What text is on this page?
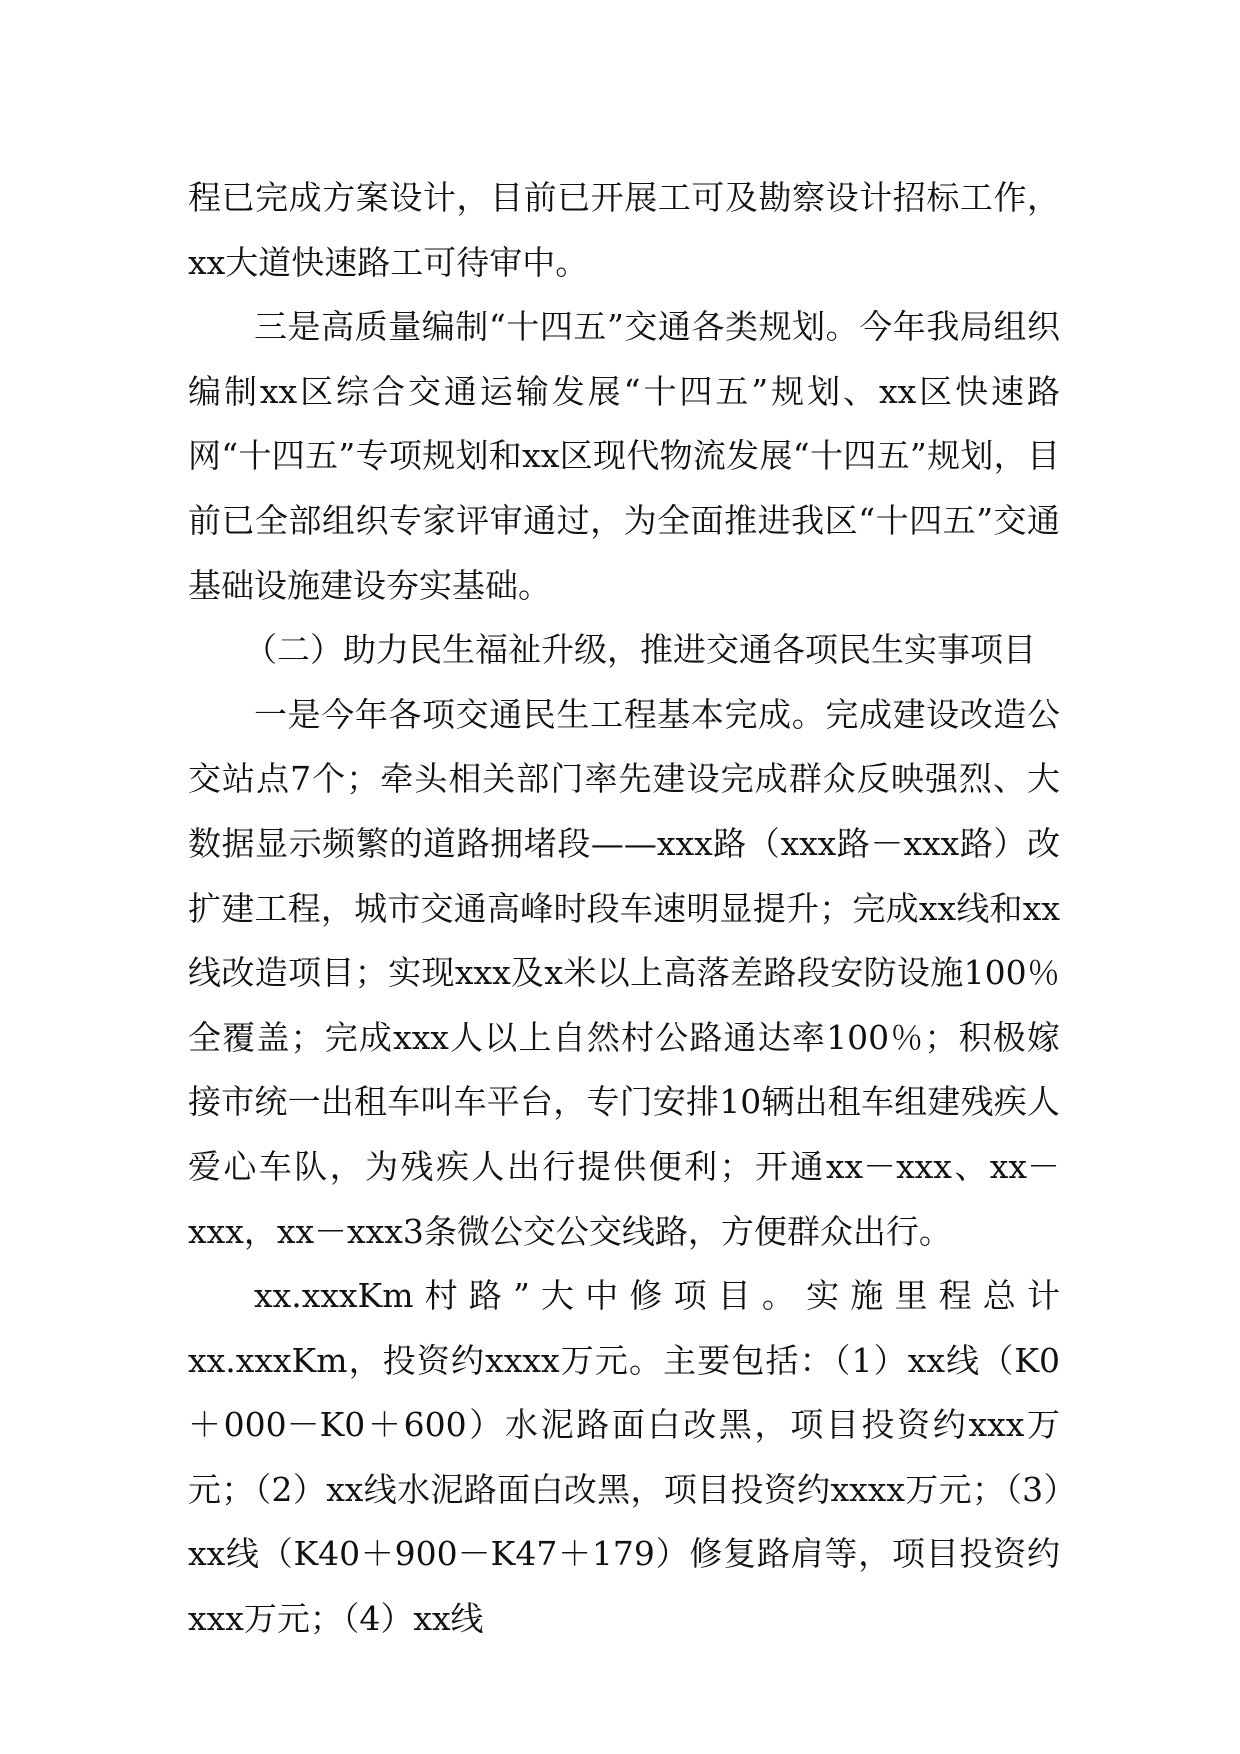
程已完成方案设计，目前已开展工可及勘察设计招标工作，xx大道快速路工可待审中。

三是高质量编制“十四五”交通各类规划。今年我局组织编制xx区综合交通运输发展“十四五”规划、xx区快速路网“十四五”专项规划和xx区现代物流发展“十四五”规划，目前已全部组织专家评审通过，为全面推进我区“十四五”交通基础设施建设夯实基础。

（二）助力民生福祉升级，推进交通各项民生实事项目

一是今年各项交通民生工程基本完成。完成建设改造公交站点7个；牵头相关部门率先建设完成群众反映强烈、大数据显示频繁的道路拥堵段——xxx路（xxx路－xxx路）改扩建工程，城市交通高峰时段车速明显提升；完成xx线和xx线改造项目；实现xxx及x米以上高落差路段安防设施100％全覆盖；完成xxx人以上自然村公路通达率100％；积极嫁接市统一出租车叫车平台，专门安排10辆出租车组建残疾人爱心车队，为残疾人出行提供便利；开通xx－xxx、xx－xxx，xx－xxx3条微公交公交线路，方便群众出行。

xx.xxxKm村路”大中修项目。实施里程总计xx.xxxKm，投资约xxxx万元。主要包括：（1）xx线（K0＋000－K0＋600）水泥路面白改黑，项目投资约xxx万元；（2）xx线水泥路面白改黑，项目投资约xxxx万元；（3）xx线（K40＋900－K47＋179）修复路肩等，项目投资约xxx万元；（4）xx线
